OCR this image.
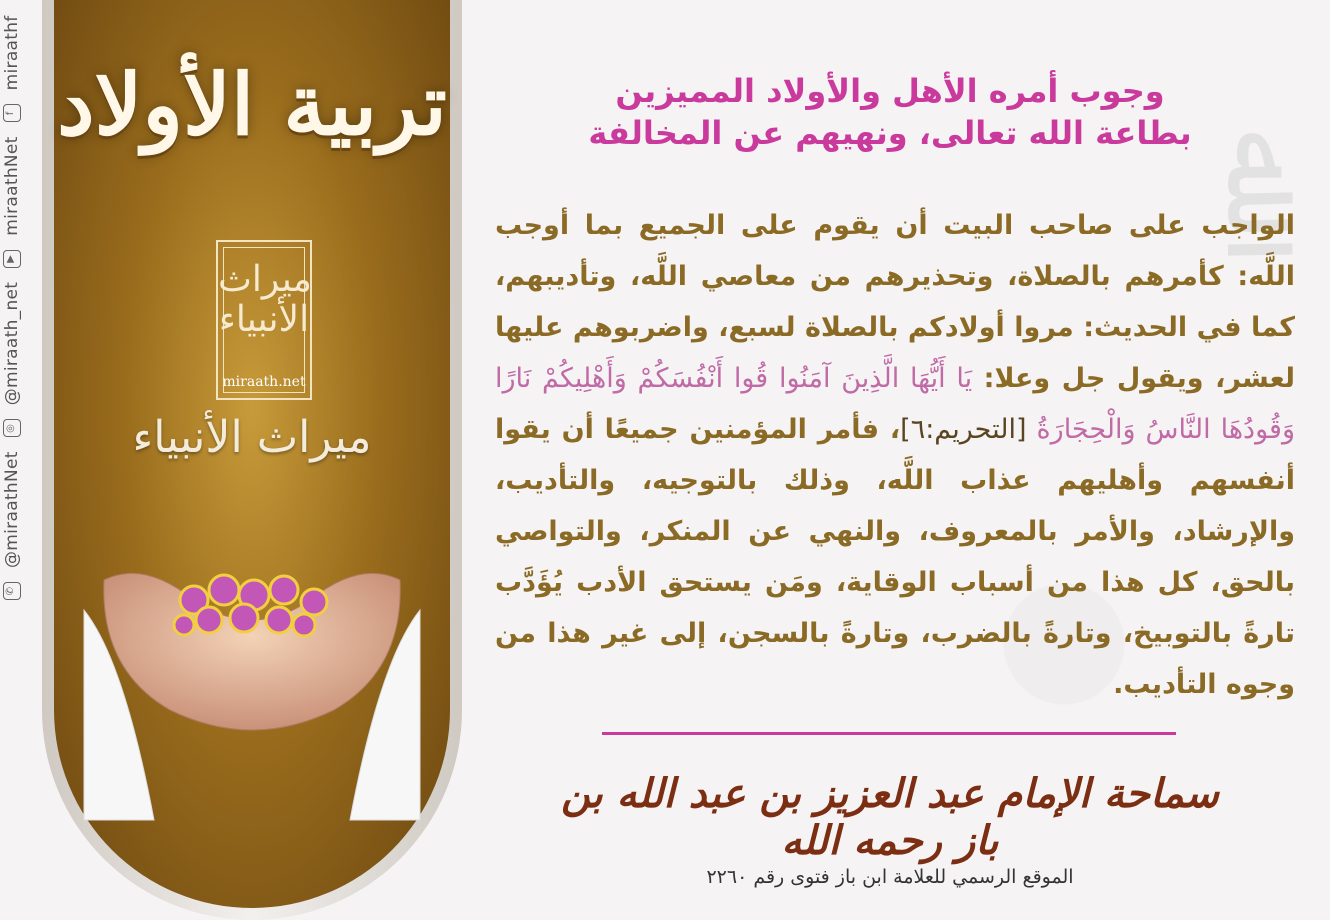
✆
@miraathNet
◎
@miraath_net
▶
miraathNet
f
miraathf
تربية الأولاد
ميراث الأنبياء
miraath.net
ميراث الأنبياء
وجوب أمره الأهل والأولاد المميزين
بطاعة الله تعالى، ونهيهم عن المخالفة
الواجب على صاحب البيت أن يقوم على الجميع بما أوجب اللَّه: كأمرهم بالصلاة، وتحذيرهم من معاصي اللَّه، وتأديبهم، كما في الحديث: مروا أولادكم بالصلاة لسبع، واضربوهم عليها لعشر، ويقول جل وعلا: يَا أَيُّهَا الَّذِينَ آمَنُوا قُوا أَنْفُسَكُمْ وَأَهْلِيكُمْ نَارًا وَقُودُهَا النَّاسُ وَالْحِجَارَةُ [التحريم:٦]، فأمر المؤمنين جميعًا أن يقوا أنفسهم وأهليهم عذاب اللَّه، وذلك بالتوجيه، والتأديب، والإرشاد، والأمر بالمعروف، والنهي عن المنكر، والتواصي بالحق، كل هذا من أسباب الوقاية، ومَن يستحق الأدب يُؤَدَّب تارةً بالتوبيخ، وتارةً بالضرب، وتارةً بالسجن، إلى غير هذا من وجوه التأديب.
سماحة الإمام عبد العزيز بن عبد الله بن باز رحمه الله
الموقع الرسمي للعلامة ابن باز فتوى رقم ٢٢٦٠
